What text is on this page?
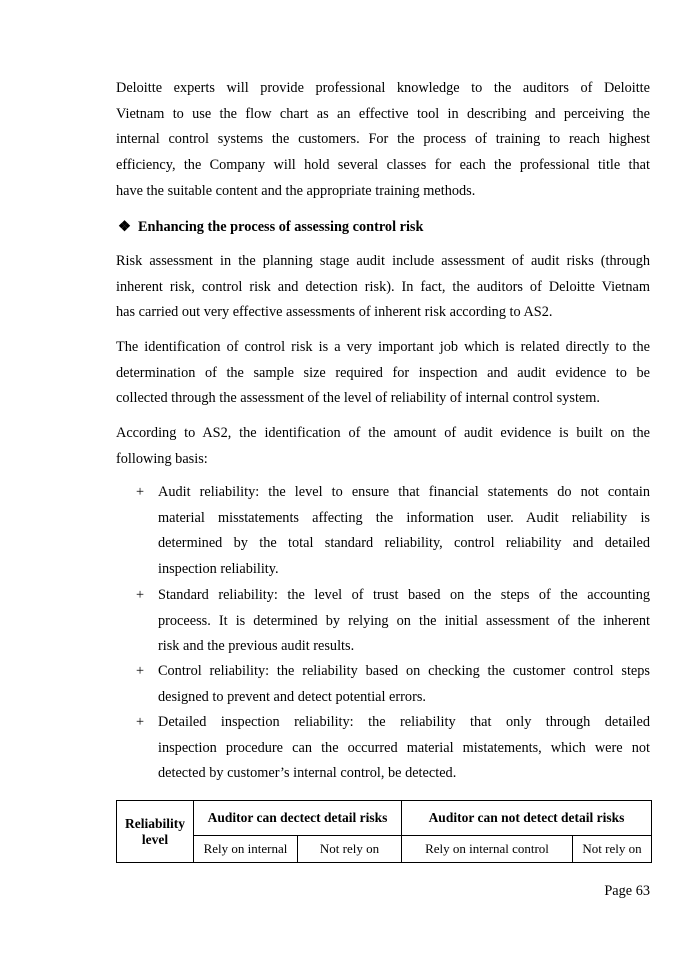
Deloitte experts will provide professional knowledge to the auditors of Deloitte
Vietnam to use the flow chart as an effective tool in describing and perceiving the
internal control systems the customers. For the process of training to reach highest
efficiency, the Company will hold several classes for each the professional title that
have the suitable content and the appropriate training methods.
❖ Enhancing the process of assessing control risk
Risk assessment in the planning stage audit include assessment of audit risks (through
inherent risk, control risk and detection risk). In fact, the auditors of Deloitte Vietnam
has carried out very effective assessments of inherent risk according to AS2.
The identification of control risk is a very important job which is related directly to the
determination of the sample size required for inspection and audit evidence to be
collected through the assessment of the level of reliability of internal control system.
According to AS2, the identification of the amount of audit evidence is built on the
following basis:
+ Audit reliability: the level to ensure that financial statements do not contain
material misstatements affecting the information user. Audit reliability is
determined by the total standard reliability, control reliability and detailed
inspection reliability.
+ Standard reliability: the level of trust based on the steps of the accounting
proceess. It is determined by relying on the initial assessment of the inherent
risk and the previous audit results.
+ Control reliability: the reliability based on checking the customer control steps
designed to prevent and detect potential errors.
+ Detailed inspection reliability: the reliability that only through detailed
inspection procedure can the occurred material mistatements, which were not
detected by customer’s internal control, be detected.
Reliability level	Auditor can dectect detail risks		Auditor can not detect detail risks	
	Rely on internal	Not rely on	Rely on internal control	Not rely on
Page 63
